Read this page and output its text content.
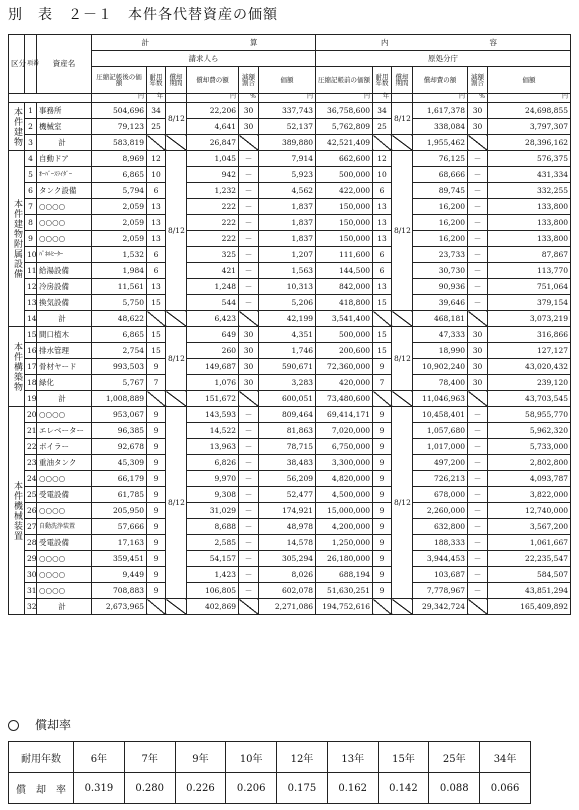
別　表　２－１　本件各代替資産の価額
区分	項番	資産名	計　　　　　　算						内　　　　　　容					
			請求人ら						原処分庁					
			圧縮記帳後の価額	耐用年数	償却期間	償却費の額	減額割合	価額	圧縮記帳前の価額	耐用年数	償却期間	償却費の額	減額割合	価額
			円	年		円	%	円	円	年		円	%	円
本件建物	1	事務所	504,696	34	8/12	22,206	30	337,743	36,758,600	34	8/12	1,617,378	30	24,698,855
	2	機械室	79,123	25		4,641	30	52,137	5,762,809	25		338,084	30	3,797,307
	3	計	583,819			26,847		389,880	42,521,409			1,955,462		28,396,162
本件建物附属設備	4	自動ドア	8,969	12	8/12	1,045	－	7,914	662,600	12	8/12	76,125	－	576,375
	5	ｵｰﾊﾞｰｽﾗｲﾀﾞｰ	6,865	10		942	－	5,923	500,000	10		68,666	－	431,334
	6	タンク設備	5,794	6		1,232	－	4,562	422,000	6		89,745	－	332,255
	7	○○○○	2,059	13		222	－	1,837	150,000	13		16,200	－	133,800
	8	○○○○	2,059	13		222	－	1,837	150,000	13		16,200	－	133,800
	9	○○○○	2,059	13		222	－	1,837	150,000	13		16,200	－	133,800
	10	ﾊﾟﾈﾙﾋｰﾀｰ	1,532	6		325	－	1,207	111,600	6		23,733	－	87,867
	11	給湯設備	1,984	6		421	－	1,563	144,500	6		30,730	－	113,770
	12	冷房設備	11,561	13		1,248	－	10,313	842,000	13		90,936	－	751,064
	13	換気設備	5,750	15		544	－	5,206	418,800	15		39,646	－	379,154
	14	計	48,622			6,423		42,199	3,541,400			468,181		3,073,219
本件構築物	15	間口植木	6,865	15	8/12	649	30	4,351	500,000	15	8/12	47,333	30	316,866
	16	排水管理	2,754	15		260	30	1,746	200,600	15		18,990	30	127,127
	17	骨材ヤード	993,503	9		149,687	30	590,671	72,360,000	9		10,902,240	30	43,020,432
	18	緑化	5,767	7		1,076	30	3,283	420,000	7		78,400	30	239,120
	19	計	1,008,889			151,672		600,051	73,480,600			11,046,963		43,703,545
本件機械装置	20	○○○○	953,067	9	8/12	143,593	－	809,464	69,414,171	9	8/12	10,458,401	－	58,955,770
	21	エレベーター	96,385	9		14,522	－	81,863	7,020,000	9		1,057,680	－	5,962,320
	22	ボイラー	92,678	9		13,963	－	78,715	6,750,000	9		1,017,000	－	5,733,000
	23	重油タンク	45,309	9		6,826	－	38,483	3,300,000	9		497,200	－	2,802,800
	24	○○○○	66,179	9		9,970	－	56,209	4,820,000	9		726,213	－	4,093,787
	25	受電設備	61,785	9		9,308	－	52,477	4,500,000	9		678,000	－	3,822,000
	26	○○○○	205,950	9		31,029	－	174,921	15,000,000	9		2,260,000	－	12,740,000
	27	自動洗浄装置	57,666	9		8,688	－	48,978	4,200,000	9		632,800	－	3,567,200
	28	受電設備	17,163	9		2,585	－	14,578	1,250,000	9		188,333	－	1,061,667
	29	○○○○	359,451	9		54,157	－	305,294	26,180,000	9		3,944,453	－	22,235,547
	30	○○○○	9,449	9		1,423	－	8,026	688,194	9		103,687	－	584,507
	31	○○○○	708,883	9		106,805	－	602,078	51,630,251	9		7,778,967	－	43,851,294
	32	計	2,673,965			402,869		2,271,086	194,752,616			29,342,724		165,409,892
償却率
耐用年数	6年	7年	9年	10年	12年	13年	15年	25年	34年
償　却　率	0.319	0.280	0.226	0.206	0.175	0.162	0.142	0.088	0.066
